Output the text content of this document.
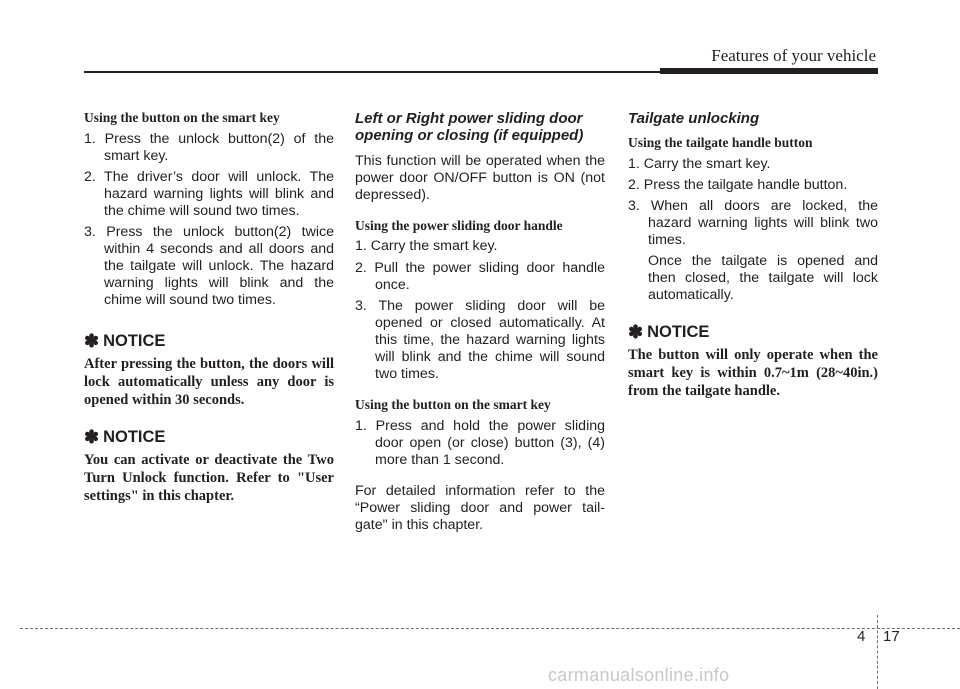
Features of your vehicle

Using the button on the smart key

1. Press the unlock button(2) of the smart key.
2. The driver’s door will unlock. The hazard warning lights will blink and the chime will sound two times.
3. Press the unlock button(2) twice within 4 seconds and all doors and the tailgate will unlock. The hazard warning lights will blink and the chime will sound two times.
✽ NOTICE

After pressing the button, the doors will lock automatically unless any door is opened within 30 seconds.

✽ NOTICE

You can activate or deactivate the Two Turn Unlock function. Refer to "User settings" in this chapter.

Left or Right power sliding door opening or closing (if equipped)

This function will be operated when the power door ON/OFF button is ON (not depressed).

Using the power sliding door handle

1. Carry the smart key.
2. Pull the power sliding door handle once.
3. The power sliding door will be opened or closed automatically. At this time, the hazard warning lights will blink and the chime will sound two times.

Using the button on the smart key

1. Press and hold the power sliding door open (or close) button (3), (4) more than 1 second.

For detailed information refer to the “Power sliding door and power tail-gate" in this chapter.

Tailgate unlocking

Using the tailgate handle button

1. Carry the smart key.
2. Press the tailgate handle button.
3. When all doors are locked, the hazard warning lights will blink two times.

Once the tailgate is opened and then closed, the tailgate will lock automatically.

✽ NOTICE

The button will only operate when the smart key is within 0.7~1m (28~40in.) from the tailgate handle.

4 17
carmanualsonline.info
